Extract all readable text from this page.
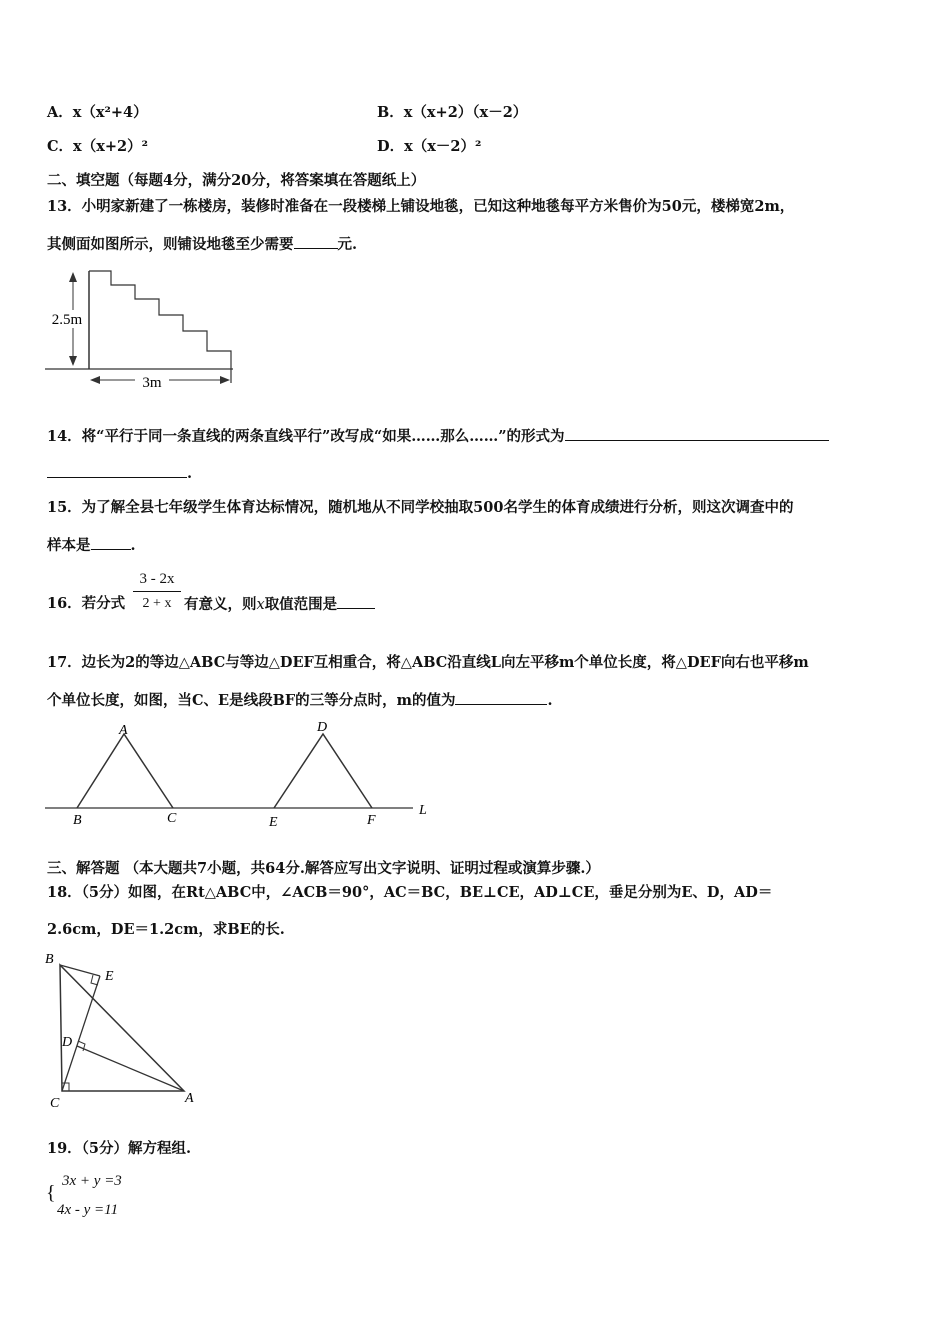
A．x（x²+4）	B．x（x+2）（x－2）
C．x（x+2）²	D．x（x－2）²
二、填空题（每题4分，满分20分，将答案填在答题纸上）
13．小明家新建了一栋楼房，装修时准备在一段楼梯上铺设地毯，已知这种地毯每平方米售价为50元，楼梯宽2m，
其侧面如图所示，则铺设地毯至少需要	元.
2.5m
3m
14．将“平行于同一条直线的两条直线平行”改写成“如果……那么……”的形式为
.
15．为了解全县七年级学生体育达标情况，随机地从不同学校抽取500名学生的体育成绩进行分析，则这次调查中的
样本是	.
16．若分式
3 - 2x
2 + x 有意义，则x取值范围是
17．边长为2的等边△ABC与等边△DEF互相重合，将△ABC沿直线L向左平移m个单位长度，将△DEF向右也平移m
个单位长度，如图，当C、E是线段BF的三等分点时，m的值为	.
A
B	C
D
E	F
L
三、解答题 （本大题共7小题，共64分.解答应写出文字说明、证明过程或演算步骤.）
18．（5分）如图，在Rt△ABC中，∠ACB＝90°，AC＝BC，BE⊥CE，AD⊥CE，垂足分别为E、D，AD＝
2.6cm，DE＝1.2cm，求BE的长.
B
E
D
C	A
19．（5分）解方程组.
{
3x + y =3
4x - y =11
